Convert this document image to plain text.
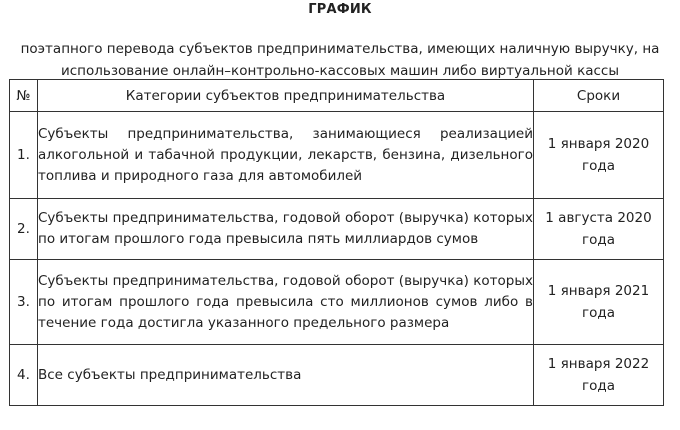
ГРАФИК
поэтапного перевода субъектов предпринимательства, имеющих наличную выручку, на
использование онлайн–контрольно-кассовых машин либо виртуальной кассы
№	Категории субъектов предпринимательства	Сроки
1.	Субъекты предпринимательства, занимающиеся реализацией алкогольной и табачной продукции, лекарств, бензина, дизельного топлива и природного газа для автомобилей	1 января 2020
года

2.	Субъекты предпринимательства, годовой оборот (выручка) которых по итогам прошлого года превысила пять миллиардов сумов	1 августа 2020
года

3.	Субъекты предпринимательства, годовой оборот (выручка) которых по итогам прошлого года превысила сто миллионов сумов либо в течение года достигла указанного предельного размера	1 января 2021
года

4.	Все субъекты предпринимательства	1 января 2022
года
